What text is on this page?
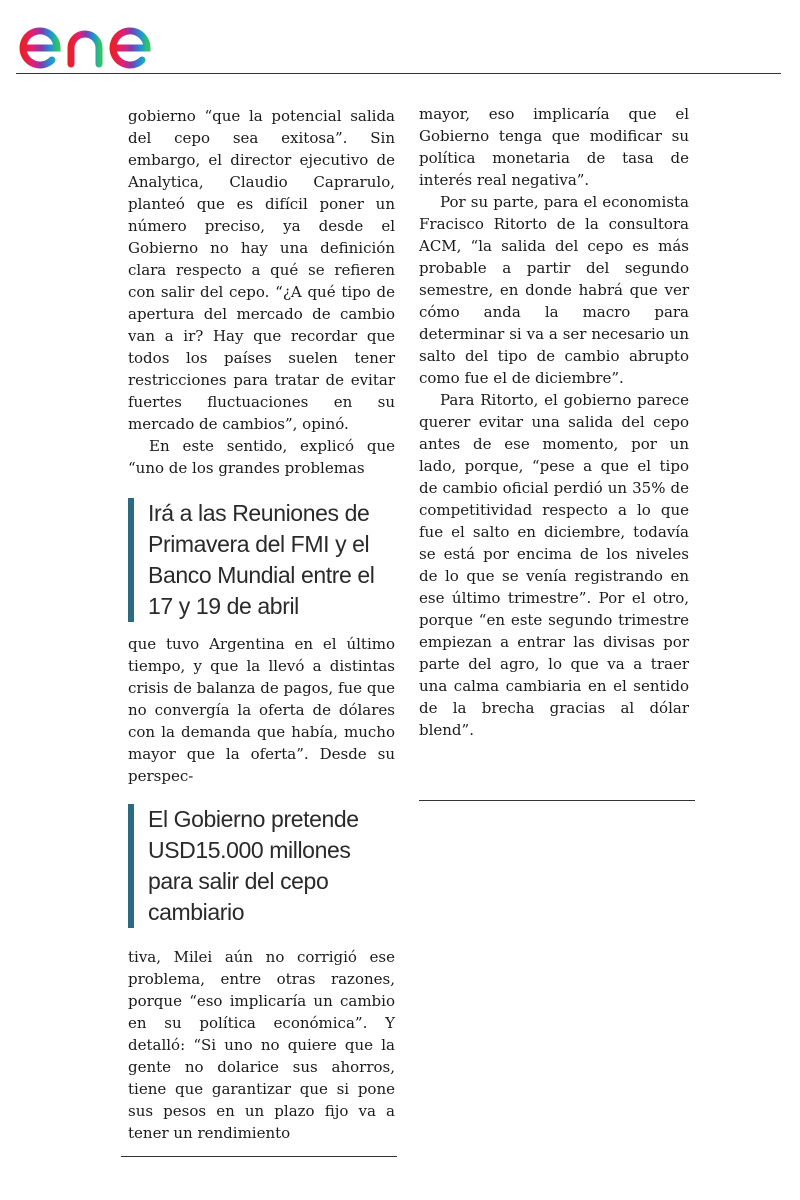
gobierno “que la potencial salida del cepo sea exitosa”. Sin embargo, el director ejecutivo de Analytica, Claudio Caprarulo, planteó que es difícil poner un número preciso, ya desde el Gobierno no hay una definición clara respecto a qué se refieren con salir del cepo. “¿A qué tipo de apertura del mercado de cambio van a ir? Hay que recordar que todos los países suelen tener restricciones para tratar de evitar fuertes fluctuaciones en su mercado de cambios”, opinó.

En este sentido, explicó que “uno de los grandes problemas

Irá a las Reuniones de Primavera del FMI y el Banco Mundial entre el 17 y 19 de abril

que tuvo Argentina en el último tiempo, y que la llevó a distintas crisis de balanza de pagos, fue que no convergía la oferta de dólares con la demanda que había, mucho mayor que la oferta”. Desde su perspec-

El Gobierno pretende USD15.000 millones para salir del cepo cambiario

tiva, Milei aún no corrigió ese problema, entre otras razones, porque “eso implicaría un cambio en su política económica”. Y detalló: “Si uno no quiere que la gente no dolarice sus ahorros, tiene que garantizar que si pone sus pesos en un plazo fijo va a tener un rendimiento

mayor, eso implicaría que el Gobierno tenga que modificar su política monetaria de tasa de interés real negativa”.

Por su parte, para el economista Fracisco Ritorto de la consultora ACM, “la salida del cepo es más probable a partir del segundo semestre, en donde habrá que ver cómo anda la macro para determinar si va a ser necesario un salto del tipo de cambio abrupto como fue el de diciembre”.

Para Ritorto, el gobierno parece querer evitar una salida del cepo antes de ese momento, por un lado, porque, “pese a que el tipo de cambio oficial perdió un 35% de competitividad respecto a lo que fue el salto en diciembre, todavía se está por encima de los niveles de lo que se venía registrando en ese último trimestre”. Por el otro, porque “en este segundo trimestre empiezan a entrar las divisas por parte del agro, lo que va a traer una calma cambiaria en el sentido de la brecha gracias al dólar blend”.
